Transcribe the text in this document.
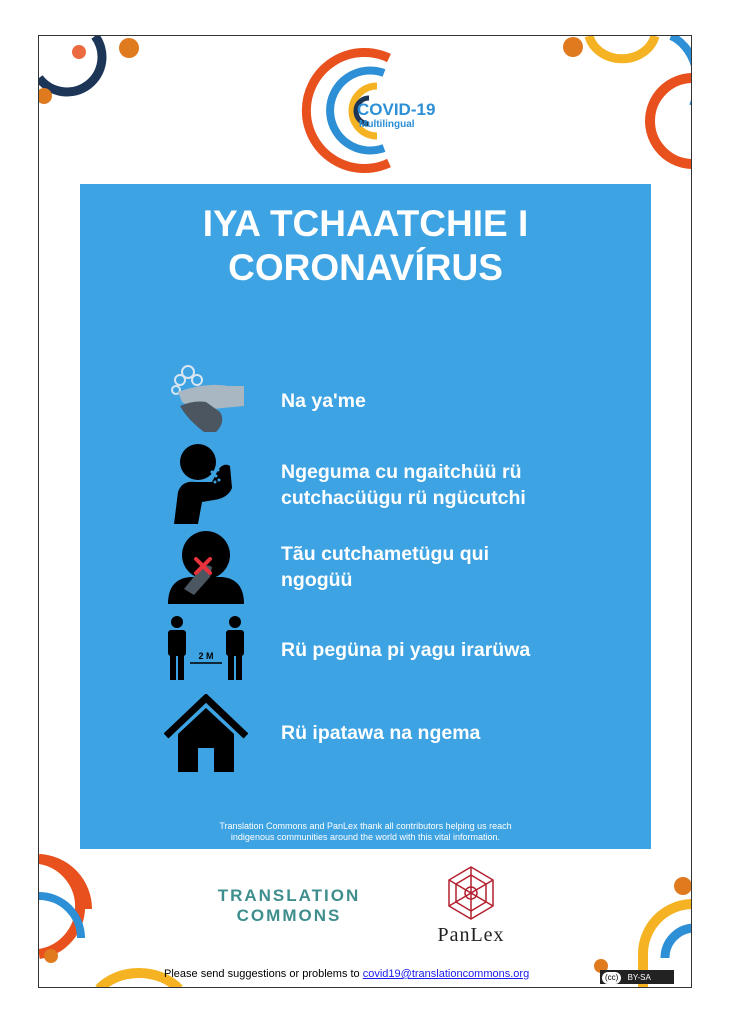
COVID-19
Multilingual
IYA TCHAATCHIE I
CORONAVÍRUS
Na ya'me
Ngeguma cu ngaitchüü rü
cutchacüügu rü ngücutchi
Tãu cutchametügu qui
ngogüü
2 M	Rü pegüna pi yagu irarüwa
Rü ipatawa na ngema
Translation Commons and PanLex thank all contributors helping us reach
indigenous communities around the world with this vital information.
TRANSLATION
COMMONS
PanLex
Please send suggestions or problems to covid19@translationcommons.org	(cc) BY-SA
